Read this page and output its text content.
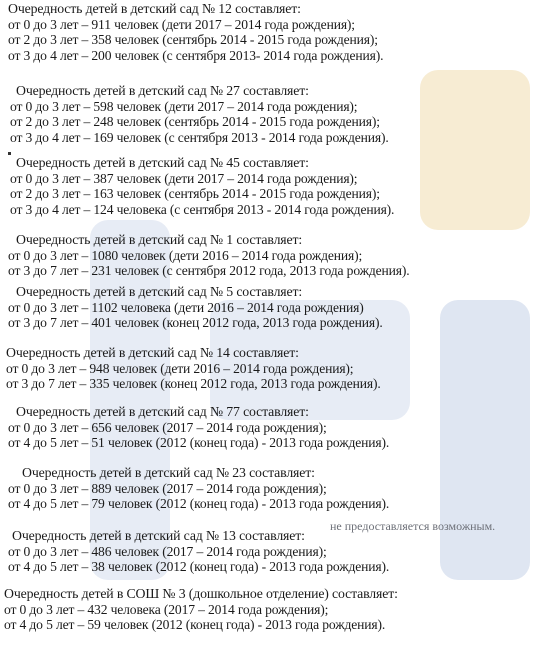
Очередность детей в детский сад № 12 составляет:
от 0 до 3 лет – 911 человек (дети 2017 – 2014 года рождения);
от 2 до 3 лет – 358 человек (сентябрь 2014 - 2015 года рождения);
от 3 до 4 лет – 200 человек (с сентября 2013- 2014 года рождения).
Очередность детей в детский сад № 27 составляет:
от 0 до 3 лет – 598 человек (дети 2017 – 2014 года рождения);
от 2 до 3 лет – 248 человек (сентябрь 2014 - 2015 года рождения);
от 3 до 4 лет – 169 человек (с сентября 2013 - 2014 года рождения).
Очередность детей в детский сад № 45 составляет:
от 0 до 3 лет – 387 человек (дети 2017 – 2014 года рождения);
от 2 до 3 лет – 163 человек (сентябрь 2014 - 2015 года рождения);
от 3 до 4 лет – 124 человека (с сентября 2013 - 2014 года рождения).
Очередность детей в детский сад № 1 составляет:
от 0 до 3 лет – 1080 человек (дети 2016 – 2014 года рождения);
от 3 до 7 лет – 231 человек (с сентября 2012 года, 2013 года рождения).
Очередность детей в детский сад № 5 составляет:
от 0 до 3 лет – 1102 человека (дети 2016 – 2014 года рождения)
от 3 до 7 лет – 401 человек (конец 2012 года, 2013 года рождения).
Очередность детей в детский сад № 14 составляет:
от 0 до 3 лет – 948 человек (дети 2016 – 2014 года рождения);
от 3 до 7 лет – 335 человек (конец 2012 года, 2013 года рождения).
Очередность детей в детский сад № 77 составляет:
от 0 до 3 лет – 656 человек (2017 – 2014 года рождения);
от 4 до 5 лет – 51 человек (2012 (конец года) - 2013 года рождения).
Очередность детей в детский сад № 23 составляет:
от 0 до 3 лет – 889 человек (2017 – 2014 года рождения);
от 4 до 5 лет – 79 человек (2012 (конец года) - 2013 года рождения).
не предоставляется возможным.
Очередность детей в детский сад № 13 составляет:
от 0 до 3 лет – 486 человек (2017 – 2014 года рождения);
от 4 до 5 лет – 38 человек (2012 (конец года) - 2013 года рождения).
Очередность детей в СОШ № 3 (дошкольное отделение) составляет:
от 0 до 3 лет – 432 человека (2017 – 2014 года рождения);
от 4 до 5 лет – 59 человек (2012 (конец года) - 2013 года рождения).
